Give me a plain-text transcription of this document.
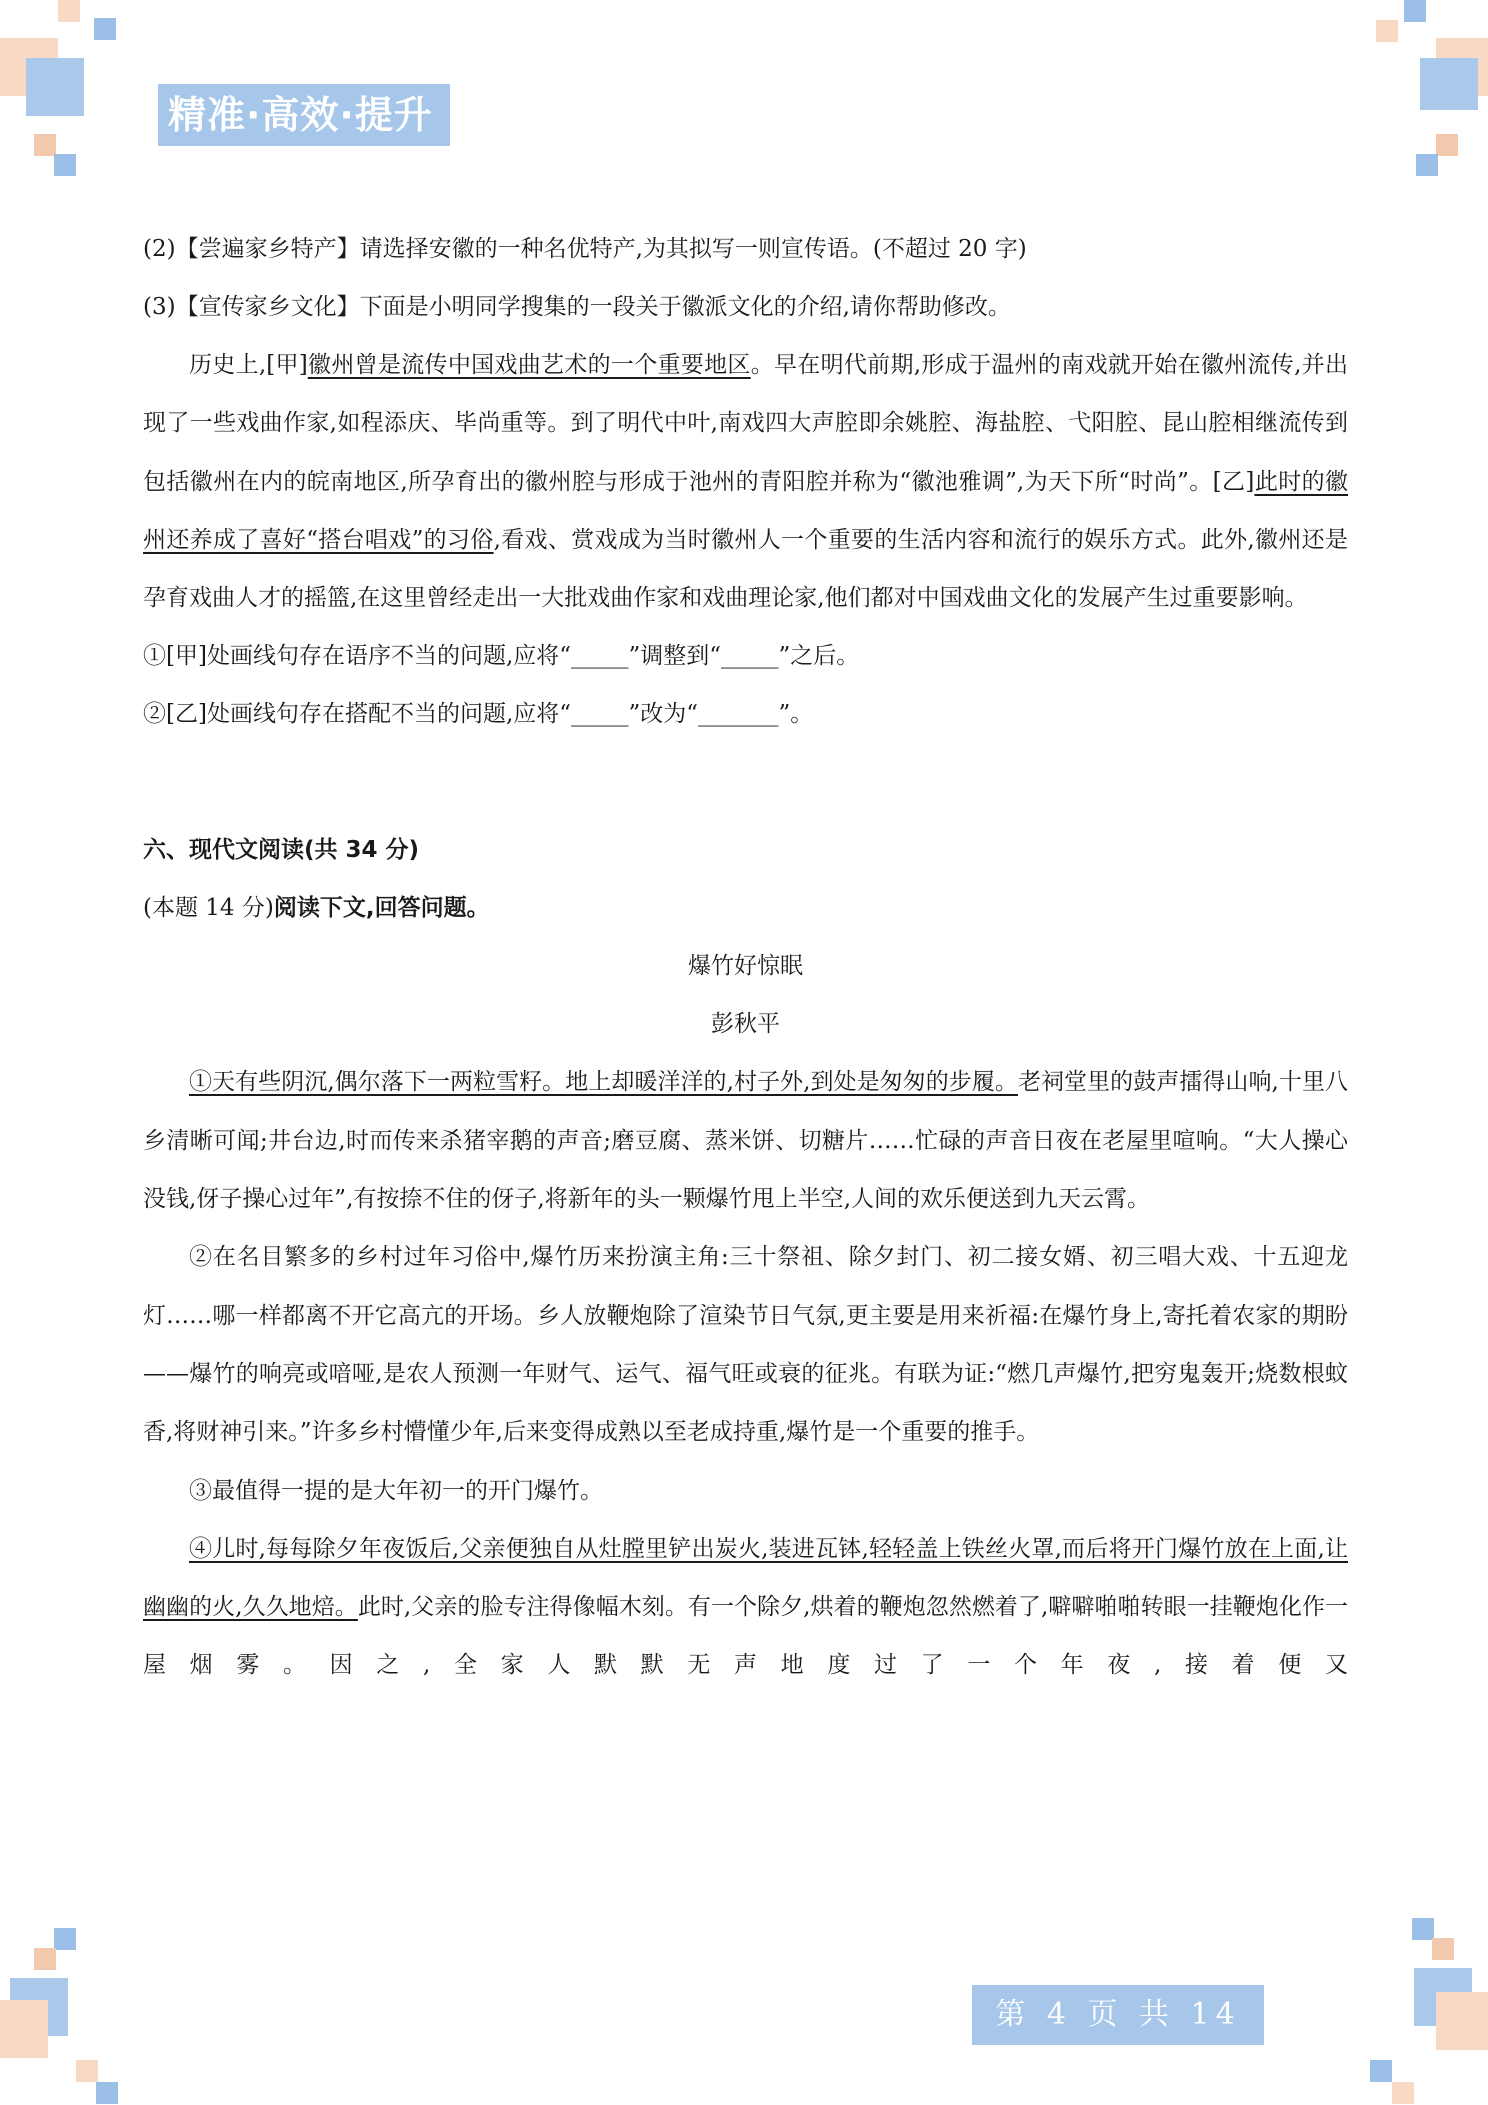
精准·高效·提升
(2)【尝遍家乡特产】请选择安徽的一种名优特产,为其拟写一则宣传语。(不超过 20 字)
(3)【宣传家乡文化】下面是小明同学搜集的一段关于徽派文化的介绍,请你帮助修改。
历史上,[甲]徽州曾是流传中国戏曲艺术的一个重要地区。早在明代前期,形成于温州的南戏就开始在徽州流传,并出现了一些戏曲作家,如程添庆、毕尚重等。到了明代中叶,南戏四大声腔即余姚腔、海盐腔、弋阳腔、昆山腔相继流传到包括徽州在内的皖南地区,所孕育出的徽州腔与形成于池州的青阳腔并称为“徽池雅调”,为天下所“时尚”。[乙]此时的徽州还养成了喜好“搭台唱戏”的习俗,看戏、赏戏成为当时徽州人一个重要的生活内容和流行的娱乐方式。此外,徽州还是孕育戏曲人才的摇篮,在这里曾经走出一大批戏曲作家和戏曲理论家,他们都对中国戏曲文化的发展产生过重要影响。
①[甲]处画线句存在语序不当的问题,应将“_____”调整到“_____”之后。
②[乙]处画线句存在搭配不当的问题,应将“_____”改为“_______”。
六、现代文阅读(共 34 分)
(本题 14 分)阅读下文,回答问题。
爆竹好惊眠
彭秋平
①天有些阴沉,偶尔落下一两粒雪籽。地上却暖洋洋的,村子外,到处是匆匆的步履。老祠堂里的鼓声擂得山响,十里八乡清晰可闻;井台边,时而传来杀猪宰鹅的声音;磨豆腐、蒸米饼、切糖片……忙碌的声音日夜在老屋里喧响。“大人操心没钱,伢子操心过年”,有按捺不住的伢子,将新年的头一颗爆竹甩上半空,人间的欢乐便送到九天云霄。
②在名目繁多的乡村过年习俗中,爆竹历来扮演主角:三十祭祖、除夕封门、初二接女婿、初三唱大戏、十五迎龙灯……哪一样都离不开它高亢的开场。乡人放鞭炮除了渲染节日气氛,更主要是用来祈福:在爆竹身上,寄托着农家的期盼——爆竹的响亮或喑哑,是农人预测一年财气、运气、福气旺或衰的征兆。有联为证:“燃几声爆竹,把穷鬼轰开;烧数根蚊香,将财神引来。”许多乡村懵懂少年,后来变得成熟以至老成持重,爆竹是一个重要的推手。
③最值得一提的是大年初一的开门爆竹。
④儿时,每每除夕年夜饭后,父亲便独自从灶膛里铲出炭火,装进瓦钵,轻轻盖上铁丝火罩,而后将开门爆竹放在上面,让幽幽的火,久久地焙。此时,父亲的脸专注得像幅木刻。有一个除夕,烘着的鞭炮忽然燃着了,噼噼啪啪转眼一挂鞭炮化作一屋烟雾。因之,全家人默默无声地度过了一个年夜,接着便又
第 4 页 共 14 页
